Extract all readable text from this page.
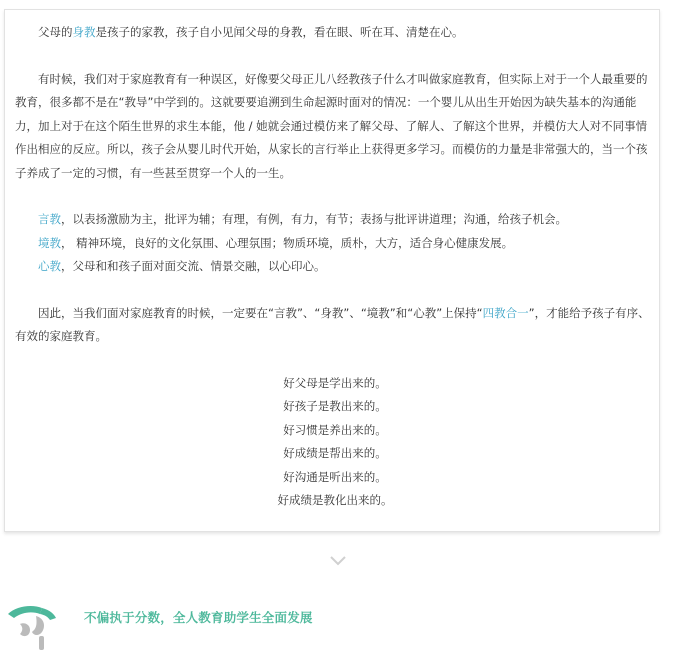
父母的身教是孩子的家教，孩子自小见闻父母的身教，看在眼、听在耳、清楚在心。

有时候，我们对于家庭教育有一种误区，好像要父母正儿八经教孩子什么才叫做家庭教育，但实际上对于一个人最重要的教育，很多都不是在“教导”中学到的。这就要要追溯到生命起源时面对的情况：一个婴儿从出生开始因为缺失基本的沟通能力，加上对于在这个陌生世界的求生本能，他 / 她就会通过模仿来了解父母、了解人、了解这个世界，并模仿大人对不同事情作出相应的反应。所以，孩子会从婴儿时代开始，从家长的言行举止上获得更多学习。而模仿的力量是非常强大的，当一个孩子养成了一定的习惯，有一些甚至贯穿一个人的一生。

言教，以表扬激励为主，批评为辅；有理，有例，有力，有节；表扬与批评讲道理；沟通，给孩子机会。

境教， 精神环境，良好的文化氛围、心理氛围；物质环境，质朴，大方，适合身心健康发展。

心教，父母和和孩子面对面交流、情景交融，以心印心。

因此，当我们面对家庭教育的时候，一定要在“言教”、“身教”、“境教”和“心教”上保持“四教合一”，才能给予孩子有序、有效的家庭教育。

好父母是学出来的。

好孩子是教出来的。

好习惯是养出来的。

好成绩是帮出来的。

好沟通是听出来的。

好成绩是教化出来的。

不偏执于分数，全人教育助学生全面发展
